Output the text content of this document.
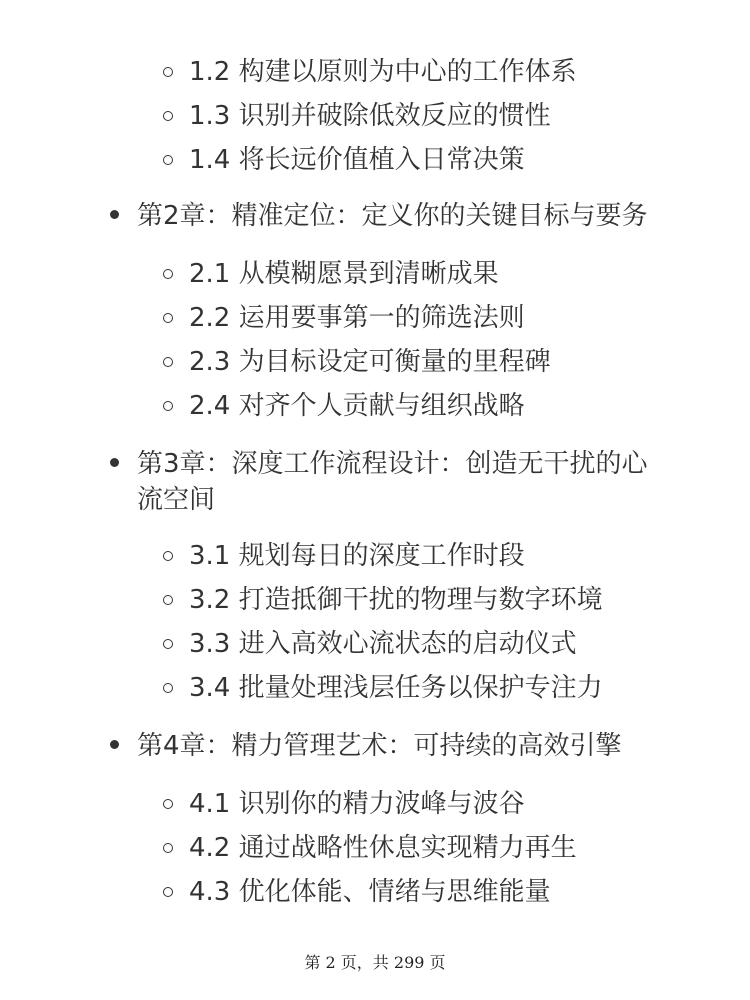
1.2 构建以原则为中心的工作体系
1.3 识别并破除低效反应的惯性
1.4 将长远价值植入日常决策
第2章：精准定位：定义你的关键目标与要务
2.1 从模糊愿景到清晰成果
2.2 运用要事第一的筛选法则
2.3 为目标设定可衡量的里程碑
2.4 对齐个人贡献与组织战略
第3章：深度工作流程设计：创造无干扰的心流空间
3.1 规划每日的深度工作时段
3.2 打造抵御干扰的物理与数字环境
3.3 进入高效心流状态的启动仪式
3.4 批量处理浅层任务以保护专注力
第4章：精力管理艺术：可持续的高效引擎
4.1 识别你的精力波峰与波谷
4.2 通过战略性休息实现精力再生
4.3 优化体能、情绪与思维能量
第 2 页，共 299 页
